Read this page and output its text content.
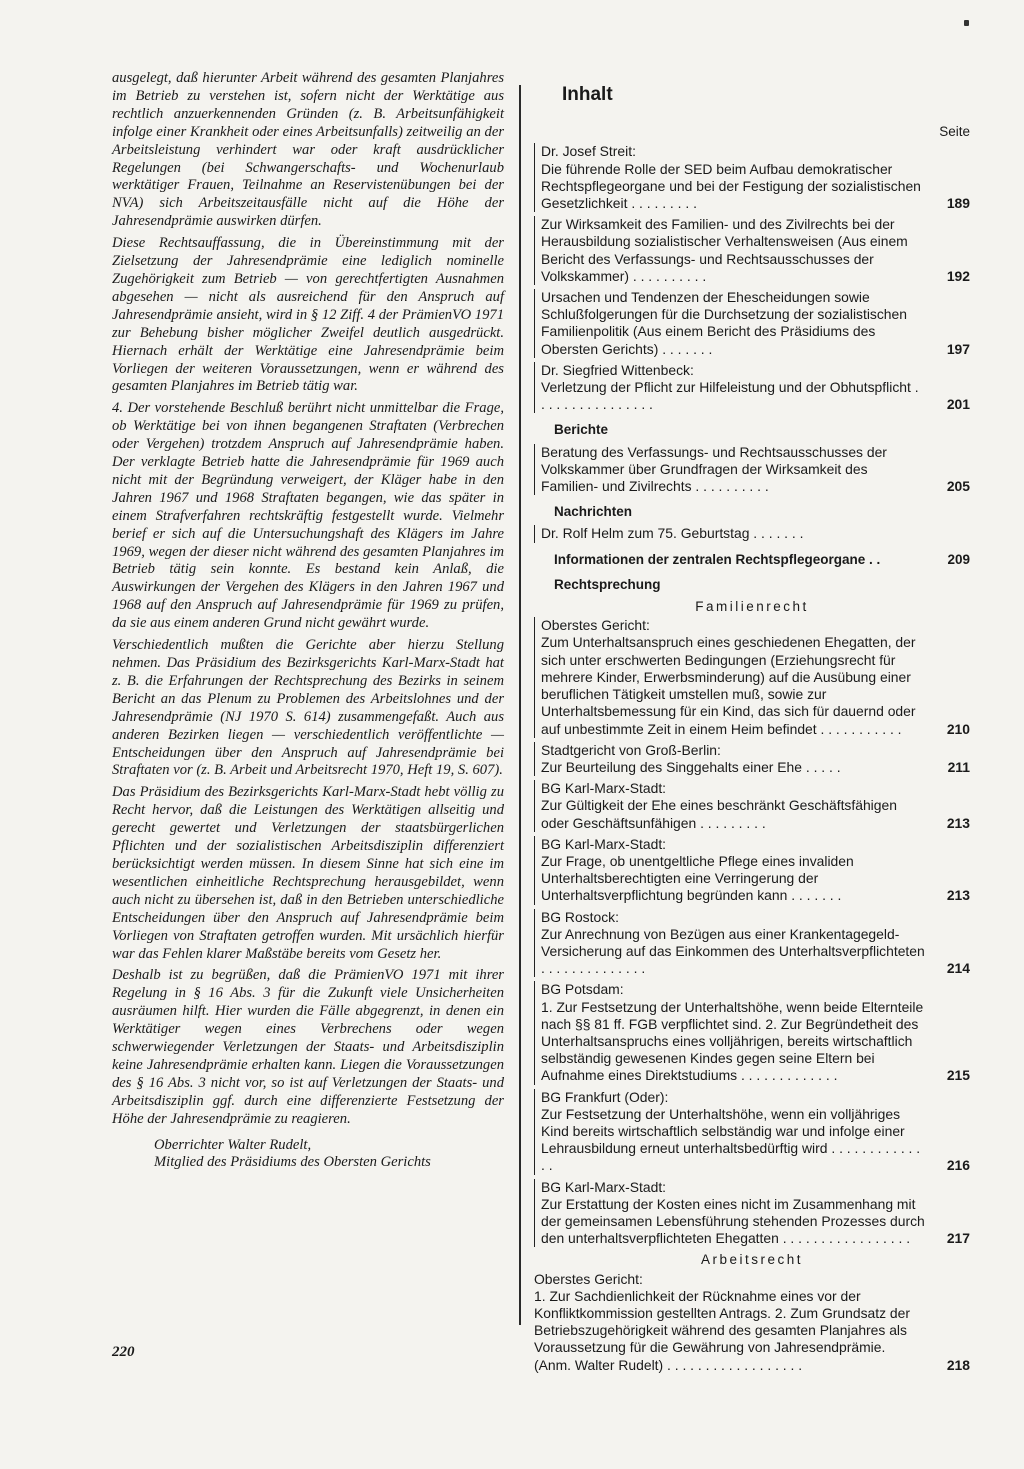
ausgelegt, daß hierunter Arbeit während des gesamten Planjahres im Betrieb zu verstehen ist, sofern nicht der Werktätige aus rechtlich anzuerkennenden Gründen (z. B. Arbeitsunfähigkeit infolge einer Krankheit oder eines Arbeitsunfalls) zeitweilig an der Arbeitsleistung verhindert war oder kraft ausdrücklicher Regelungen (bei Schwangerschafts- und Wochenurlaub werktätiger Frauen, Teilnahme an Reservistenübungen bei der NVA) sich Arbeitszeitausfälle nicht auf die Höhe der Jahresendprämie auswirken dürfen.

Diese Rechtsauffassung, die in Übereinstimmung mit der Zielsetzung der Jahresendprämie eine lediglich nominelle Zugehörigkeit zum Betrieb — von gerechtfertigten Ausnahmen abgesehen — nicht als ausreichend für den Anspruch auf Jahresendprämie ansieht, wird in § 12 Ziff. 4 der PrämienVO 1971 zur Behebung bisher möglicher Zweifel deutlich ausgedrückt. Hiernach erhält der Werktätige eine Jahresendprämie beim Vorliegen der weiteren Voraussetzungen, wenn er während des gesamten Planjahres im Betrieb tätig war.

4. Der vorstehende Beschluß berührt nicht unmittelbar die Frage, ob Werktätige bei von ihnen begangenen Straftaten (Verbrechen oder Vergehen) trotzdem Anspruch auf Jahresendprämie haben. Der verklagte Betrieb hatte die Jahresendprämie für 1969 auch nicht mit der Begründung verweigert, der Kläger habe in den Jahren 1967 und 1968 Straftaten begangen, wie das später in einem Strafverfahren rechtskräftig festgestellt wurde. Vielmehr berief er sich auf die Untersuchungshaft des Klägers im Jahre 1969, wegen der dieser nicht während des gesamten Planjahres im Betrieb tätig sein konnte. Es bestand kein Anlaß, die Auswirkungen der Vergehen des Klägers in den Jahren 1967 und 1968 auf den Anspruch auf Jahresendprämie für 1969 zu prüfen, da sie aus einem anderen Grund nicht gewährt wurde.

Verschiedentlich mußten die Gerichte aber hierzu Stellung nehmen. Das Präsidium des Bezirksgerichts Karl-Marx-Stadt hat z. B. die Erfahrungen der Rechtsprechung des Bezirks in seinem Bericht an das Plenum zu Problemen des Arbeitslohnes und der Jahresendprämie (NJ 1970 S. 614) zusammengefaßt. Auch aus anderen Bezirken liegen — verschiedentlich veröffentlichte — Entscheidungen über den Anspruch auf Jahresendprämie bei Straftaten vor (z. B. Arbeit und Arbeitsrecht 1970, Heft 19, S. 607).

Das Präsidium des Bezirksgerichts Karl-Marx-Stadt hebt völlig zu Recht hervor, daß die Leistungen des Werktätigen allseitig und gerecht gewertet und Verletzungen der staatsbürgerlichen Pflichten und der sozialistischen Arbeitsdisziplin differenziert berücksichtigt werden müssen. In diesem Sinne hat sich eine im wesentlichen einheitliche Rechtsprechung herausgebildet, wenn auch nicht zu übersehen ist, daß in den Betrieben unterschiedliche Entscheidungen über den Anspruch auf Jahresendprämie beim Vorliegen von Straftaten getroffen wurden. Mit ursächlich hierfür war das Fehlen klarer Maßstäbe bereits vom Gesetz her.

Deshalb ist zu begrüßen, daß die PrämienVO 1971 mit ihrer Regelung in § 16 Abs. 3 für die Zukunft viele Unsicherheiten ausräumen hilft. Hier wurden die Fälle abgegrenzt, in denen ein Werktätiger wegen eines Verbrechens oder wegen schwerwiegender Verletzungen der Staats- und Arbeitsdisziplin keine Jahresendprämie erhalten kann. Liegen die Voraussetzungen des § 16 Abs. 3 nicht vor, so ist auf Verletzungen der Staats- und Arbeitsdisziplin ggf. durch eine differenzierte Festsetzung der Höhe der Jahresendprämie zu reagieren.

Oberrichter Walter Rudelt,
Mitglied des Präsidiums des Obersten Gerichts
220
Inhalt
Seite
Dr. Josef Streit:
Die führende Rolle der SED beim Aufbau demokratischer Rechtspflegeorgane und bei der Festigung der sozialistischen Gesetzlichkeit . . . . . . . . .	189
Zur Wirksamkeit des Familien- und des Zivilrechts bei der Herausbildung sozialistischer Verhaltensweisen (Aus einem Bericht des Verfassungs- und Rechtsausschusses der Volkskammer) . . . . . . . . . .	192
Ursachen und Tendenzen der Ehescheidungen sowie Schlußfolgerungen für die Durchsetzung der sozialistischen Familienpolitik (Aus einem Bericht des Präsidiums des Obersten Gerichts) . . . . . . .	197
Dr. Siegfried Wittenbeck:
Verletzung der Pflicht zur Hilfeleistung und der Obhutspflicht . . . . . . . . . . . . . . . .	201
Berichte
Beratung des Verfassungs- und Rechtsausschusses der Volkskammer über Grundfragen der Wirksamkeit des Familien- und Zivilrechts . . . . . . . . . .	205
Nachrichten
Dr. Rolf Helm zum 75. Geburtstag . . . . . . .
Informationen der zentralen Rechtspflegeorgane . .	209
Rechtsprechung
Familienrecht
Oberstes Gericht:
Zum Unterhaltsanspruch eines geschiedenen Ehegatten, der sich unter erschwerten Bedingungen (Erziehungsrecht für mehrere Kinder, Erwerbsminderung) auf die Ausübung einer beruflichen Tätigkeit umstellen muß, sowie zur Unterhaltsbemessung für ein Kind, das sich für dauernd oder auf unbestimmte Zeit in einem Heim befindet . . . . . . . . . . .	210
Stadtgericht von Groß-Berlin:
Zur Beurteilung des Singgehalts einer Ehe . . . . .	211
BG Karl-Marx-Stadt:
Zur Gültigkeit der Ehe eines beschränkt Geschäftsfähigen oder Geschäftsunfähigen . . . . . . . . .	213
BG Karl-Marx-Stadt:
Zur Frage, ob unentgeltliche Pflege eines invaliden Unterhaltsberechtigten eine Verringerung der Unterhaltsverpflichtung begründen kann . . . . . . .	213
BG Rostock:
Zur Anrechnung von Bezügen aus einer Krankentagegeld-Versicherung auf das Einkommen des Unterhaltsverpflichteten . . . . . . . . . . . . . .	214
BG Potsdam:
1. Zur Festsetzung der Unterhaltshöhe, wenn beide Elternteile nach §§ 81 ff. FGB verpflichtet sind. 2. Zur Begründetheit des Unterhaltsanspruchs eines volljährigen, bereits wirtschaftlich selbständig gewesenen Kindes gegen seine Eltern bei Aufnahme eines Direktstudiums . . . . . . . . . . . . .	215
BG Frankfurt (Oder):
Zur Festsetzung der Unterhaltshöhe, wenn ein volljähriges Kind bereits wirtschaftlich selbständig war und infolge einer Lehrausbildung erneut unterhaltsbedürftig wird . . . . . . . . . . . . . .	216
BG Karl-Marx-Stadt:
Zur Erstattung der Kosten eines nicht im Zusammenhang mit der gemeinsamen Lebensführung stehenden Prozesses durch den unterhaltsverpflichteten Ehegatten . . . . . . . . . . . . . . . . .	217
Arbeitsrecht
Oberstes Gericht:
1. Zur Sachdienlichkeit der Rücknahme eines vor der Konfliktkommission gestellten Antrags. 2. Zum Grundsatz der Betriebszugehörigkeit während des gesamten Planjahres als Voraussetzung für die Gewährung von Jahresendprämie. (Anm. Walter Rudelt) . . . . . . . . . . . . . . . . . .	218
